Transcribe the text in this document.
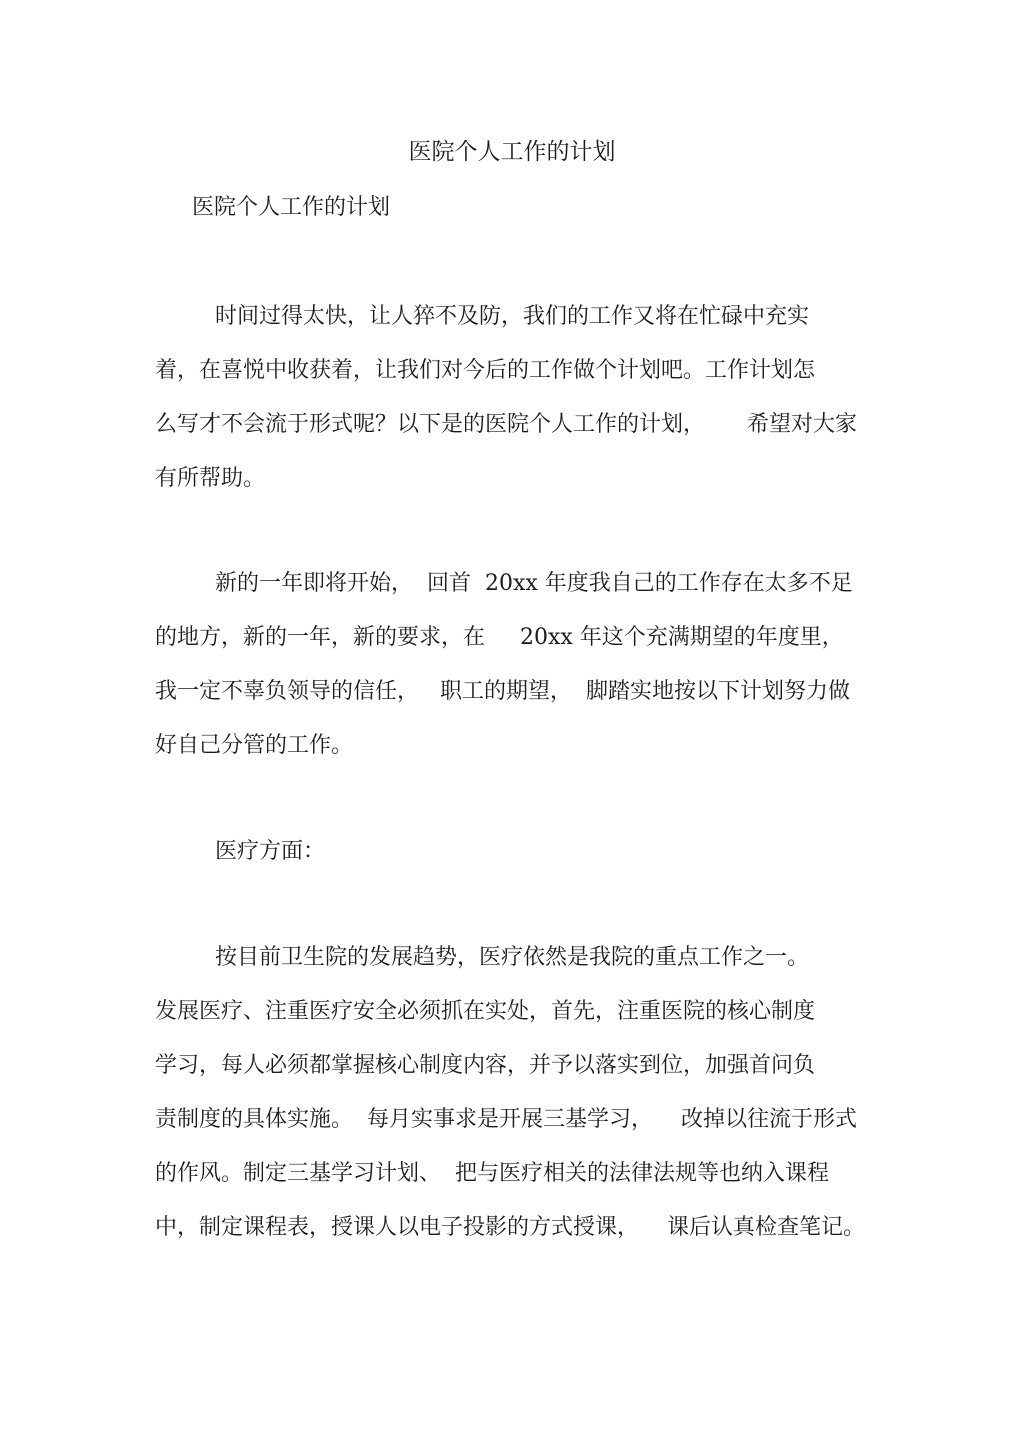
医院个人工作的计划

医院个人工作的计划

时间过得太快，让人猝不及防，我们的工作又将在忙碌中充实
着，在喜悦中收获着，让我们对今后的工作做个计划吧。工作计划怎
么写才不会流于形式呢？以下是的医院个人工作的计划，      希望对大家
有所帮助。

新的一年即将开始，  回首  20xx 年度我自己的工作存在太多不足
的地方，新的一年，新的要求，在     20xx 年这个充满期望的年度里，
我一定不辜负领导的信任，   职工的期望，  脚踏实地按以下计划努力做
好自己分管的工作。

医疗方面：

按目前卫生院的发展趋势，医疗依然是我院的重点工作之一。
发展医疗、注重医疗安全必须抓在实处，首先，注重医院的核心制度
学习，每人必须都掌握核心制度内容，并予以落实到位，加强首问负
责制度的具体实施。  每月实事求是开展三基学习，    改掉以往流于形式
的作风。制定三基学习计划、  把与医疗相关的法律法规等也纳入课程
中，制定课程表，授课人以电子投影的方式授课，    课后认真检查笔记。
